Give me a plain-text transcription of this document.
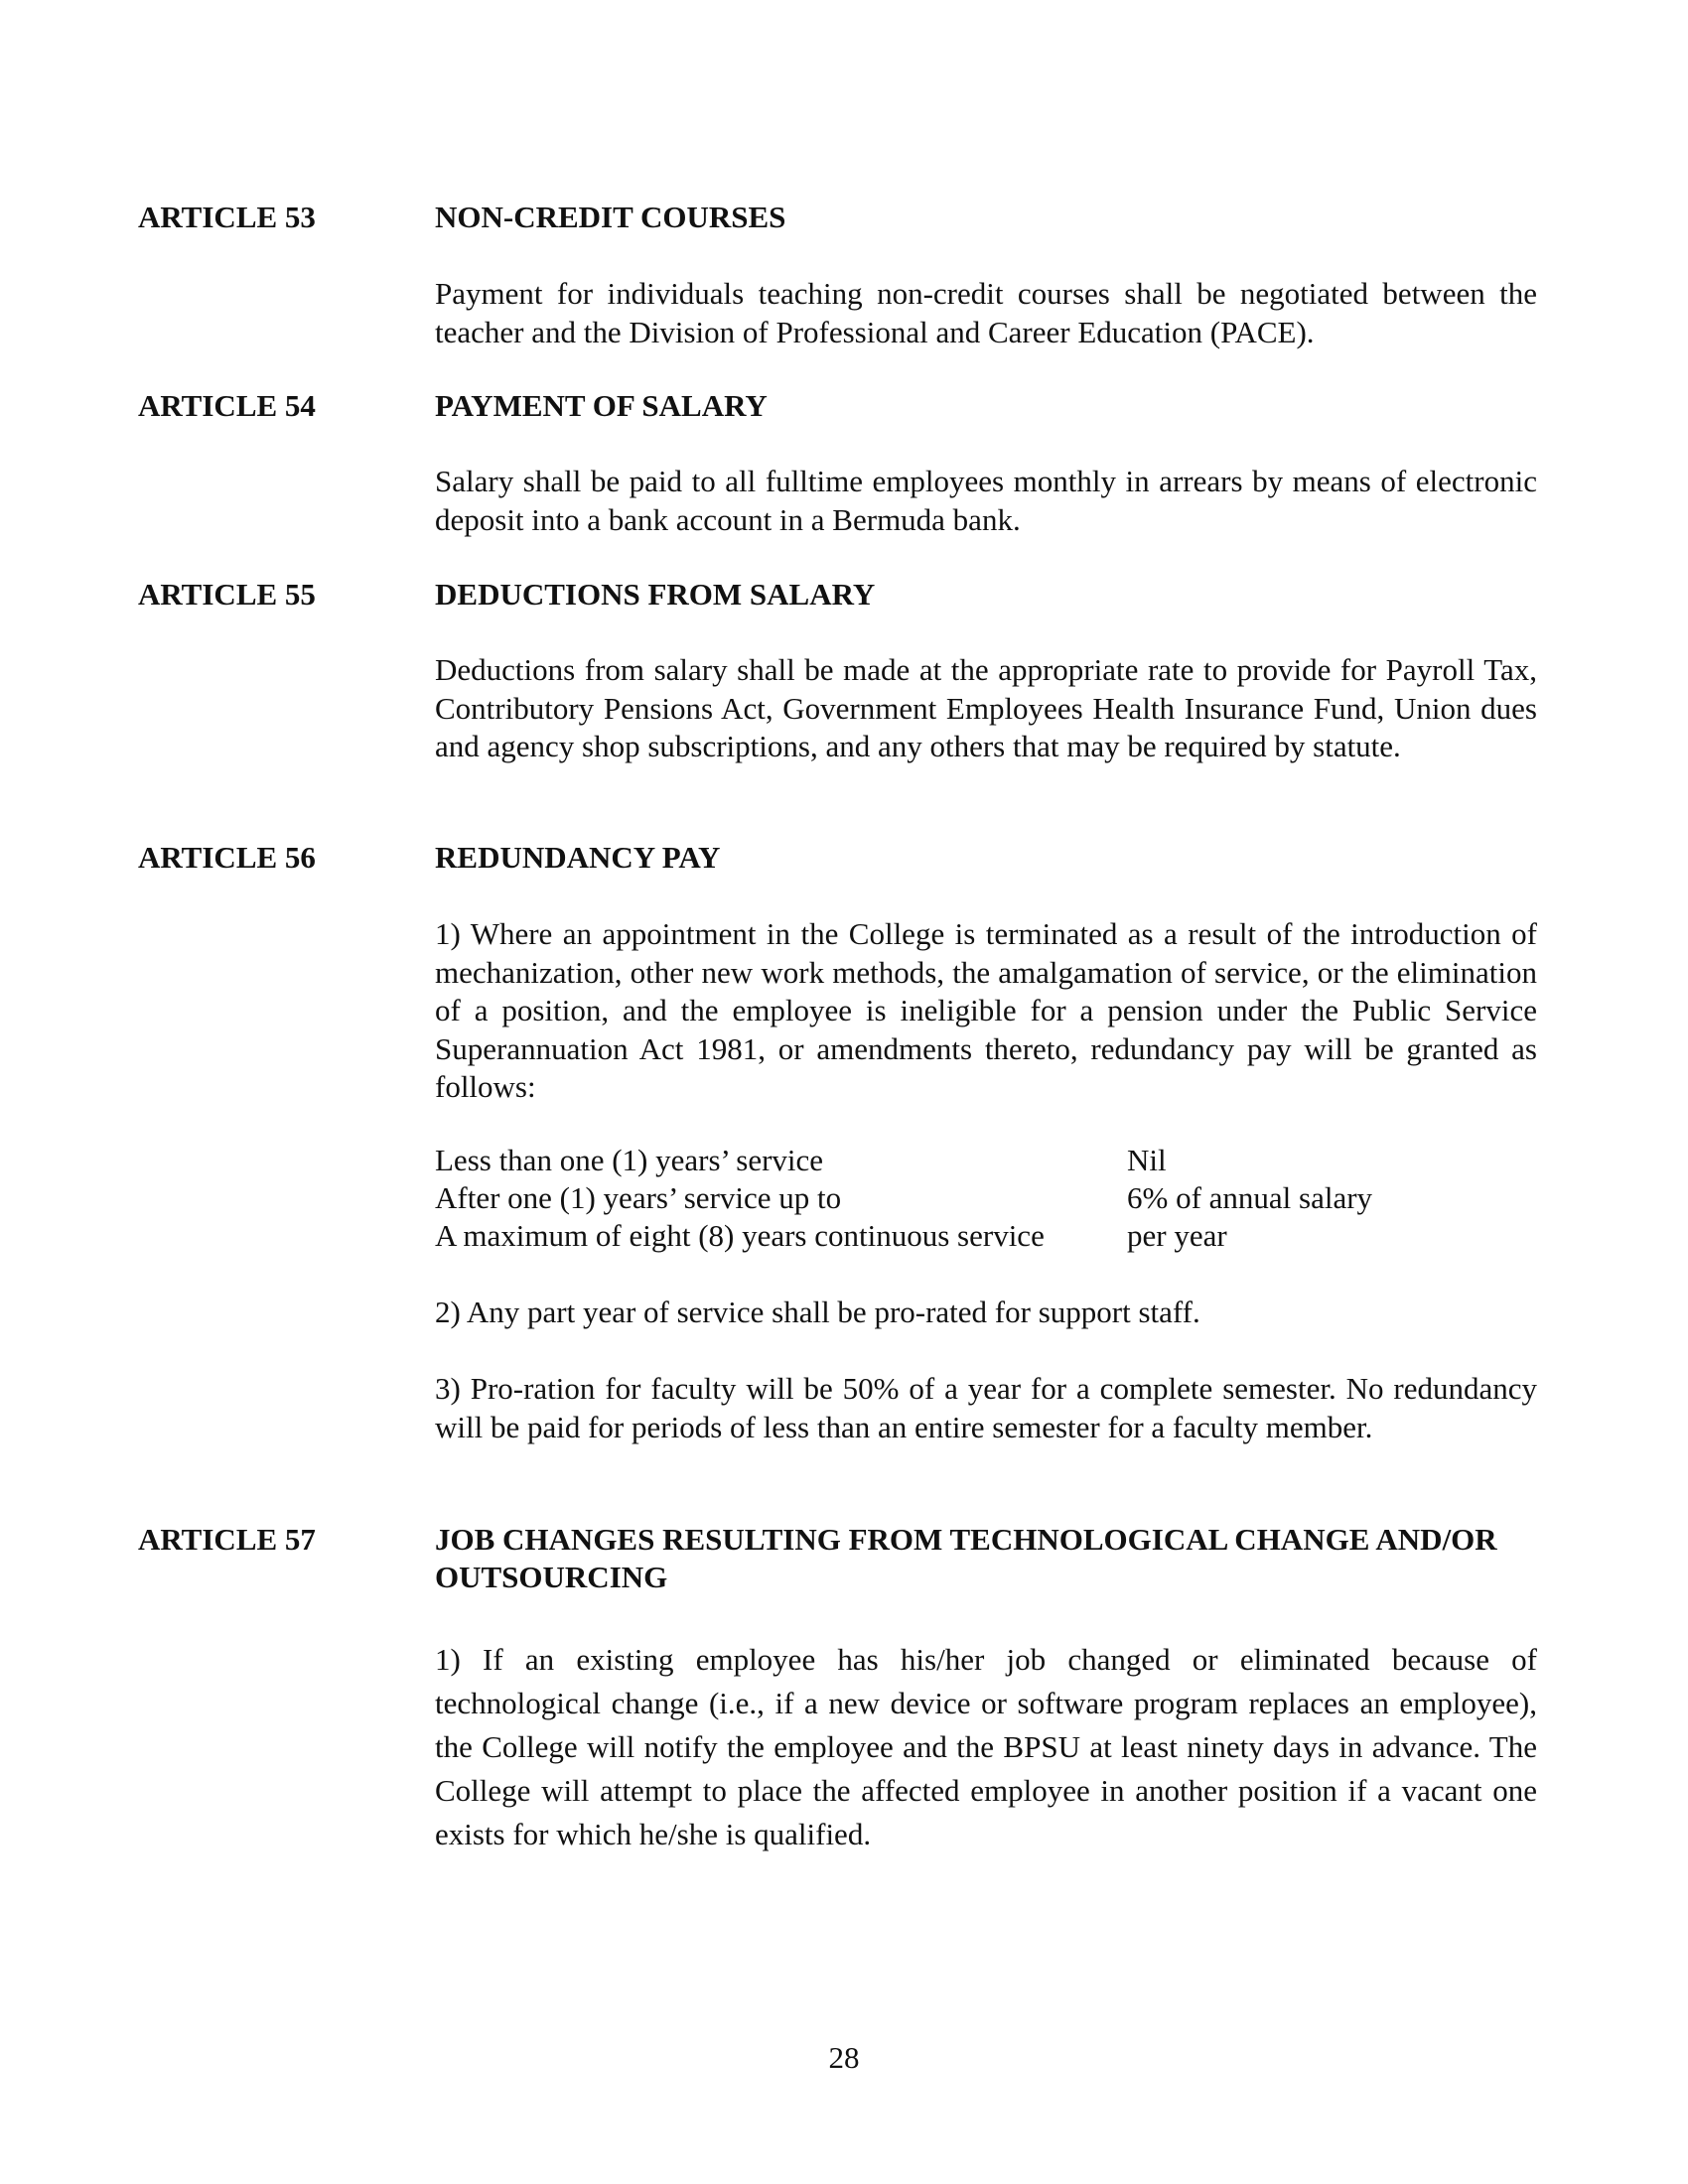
ARTICLE 53	NON-CREDIT COURSES
Payment for individuals teaching non-credit courses shall be negotiated between the teacher and the Division of Professional and Career Education (PACE).
ARTICLE 54	PAYMENT OF SALARY
Salary shall be paid to all fulltime employees monthly in arrears by means of electronic deposit into a bank account in a Bermuda bank.
ARTICLE 55	DEDUCTIONS FROM SALARY
Deductions from salary shall be made at the appropriate rate to provide for Payroll Tax, Contributory Pensions Act, Government Employees Health Insurance Fund, Union dues and agency shop subscriptions, and any others that may be required by statute.
ARTICLE 56	REDUNDANCY PAY
1) Where an appointment in the College is terminated as a result of the introduction of mechanization, other new work methods, the amalgamation of service, or the elimination of a position, and the employee is ineligible for a pension under the Public Service Superannuation Act 1981, or amendments thereto, redundancy pay will be granted as follows:
Less than one (1) years’ service	Nil
After one (1) years’ service up to	6% of annual salary
A maximum of eight (8) years continuous service	per year
2) Any part year of service shall be pro-rated for support staff.
3) Pro-ration for faculty will be 50% of a year for a complete semester. No redundancy will be paid for periods of less than an entire semester for a faculty member.
ARTICLE 57	JOB CHANGES RESULTING FROM TECHNOLOGICAL CHANGE AND/OR OUTSOURCING
1) If an existing employee has his/her job changed or eliminated because of technological change (i.e., if a new device or software program replaces an employee), the College will notify the employee and the BPSU at least ninety days in advance. The College will attempt to place the affected employee in another position if a vacant one exists for which he/she is qualified.
28
